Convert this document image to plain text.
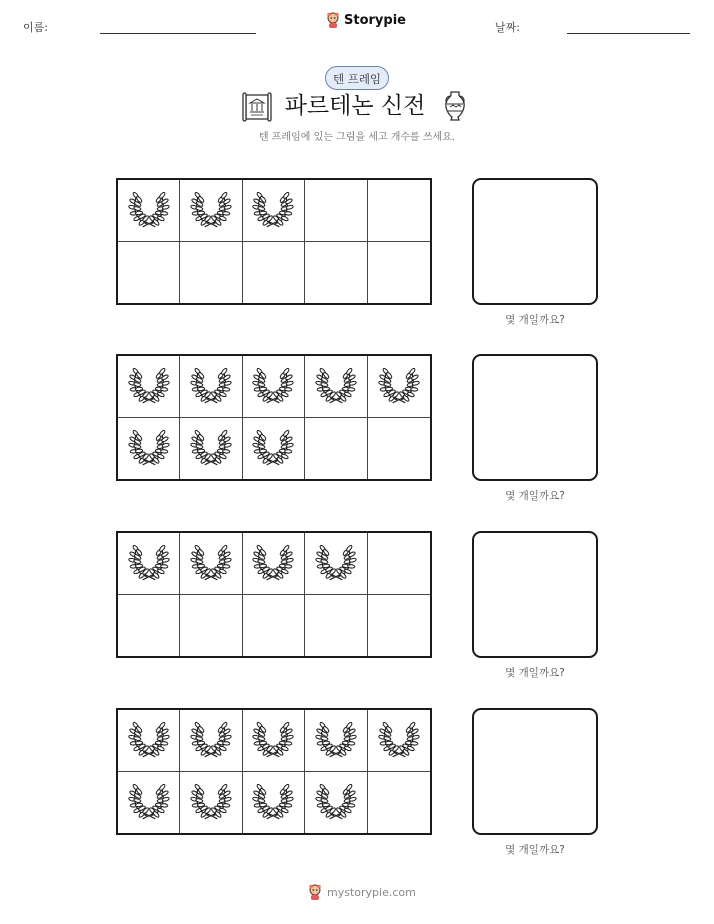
이름:	Storypie	날짜:
텐 프레임
파르테논 신전
텐 프레임에 있는 그림을 세고 개수를 쓰세요.
몇 개일까요?
몇 개일까요?
몇 개일까요?
몇 개일까요?
mystorypie.com
